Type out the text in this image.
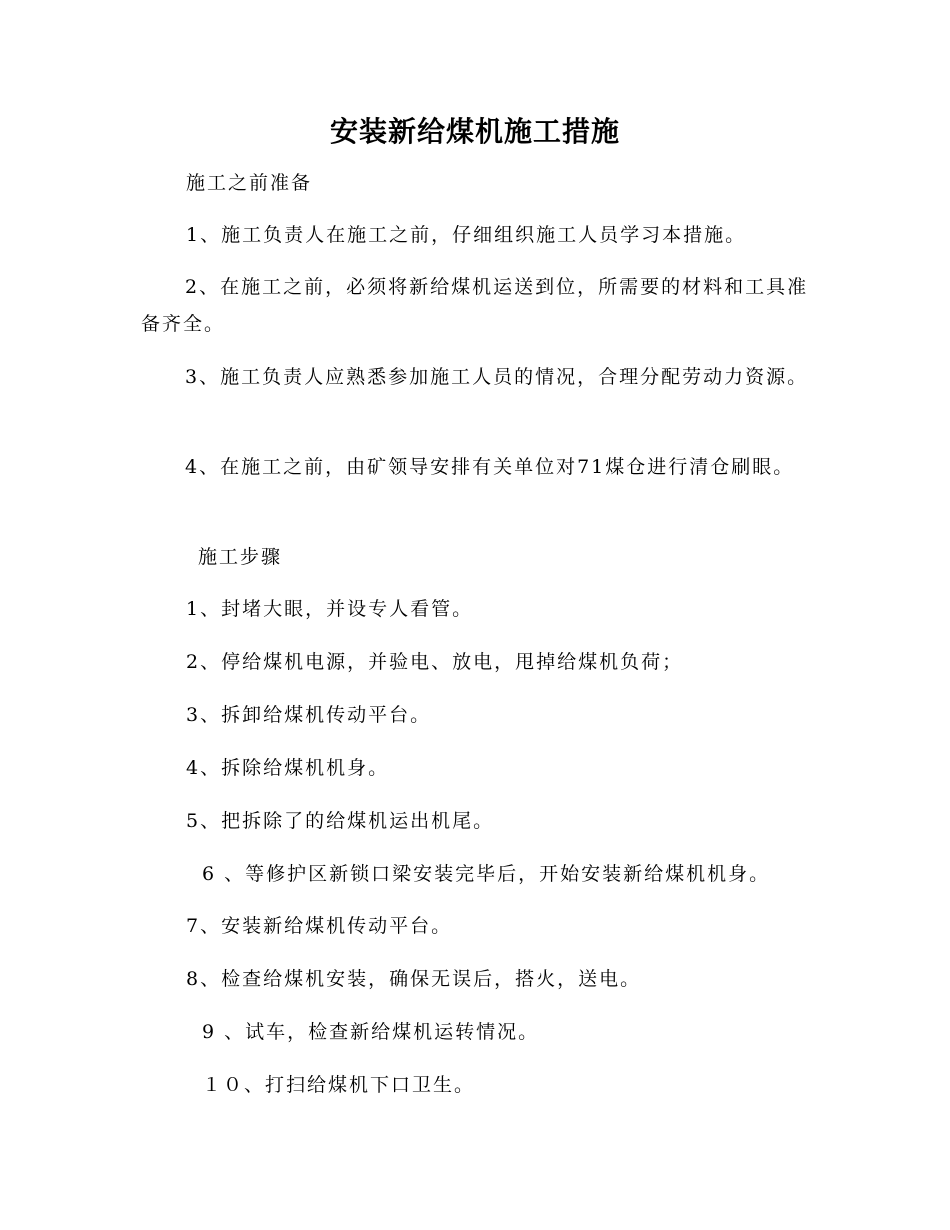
安装新给煤机施工措施
施工之前准备
1、施工负责人在施工之前，仔细组织施工人员学习本措施。
2、在施工之前，必须将新给煤机运送到位，所需要的材料和工具准备齐全。
3、施工负责人应熟悉参加施工人员的情况，合理分配劳动力资源。
4、在施工之前，由矿领导安排有关单位对71煤仓进行清仓刷眼。
施工步骤
1、封堵大眼，并设专人看管。
2、停给煤机电源，并验电、放电，甩掉给煤机负荷；
3、拆卸给煤机传动平台。
4、拆除给煤机机身。
5、把拆除了的给煤机运出机尾。
6 、等修护区新锁口梁安装完毕后，开始安装新给煤机机身。
7、安装新给煤机传动平台。
8、检查给煤机安装，确保无误后，搭火，送电。
9 、试车，检查新给煤机运转情况。
１０、打扫给煤机下口卫生。
